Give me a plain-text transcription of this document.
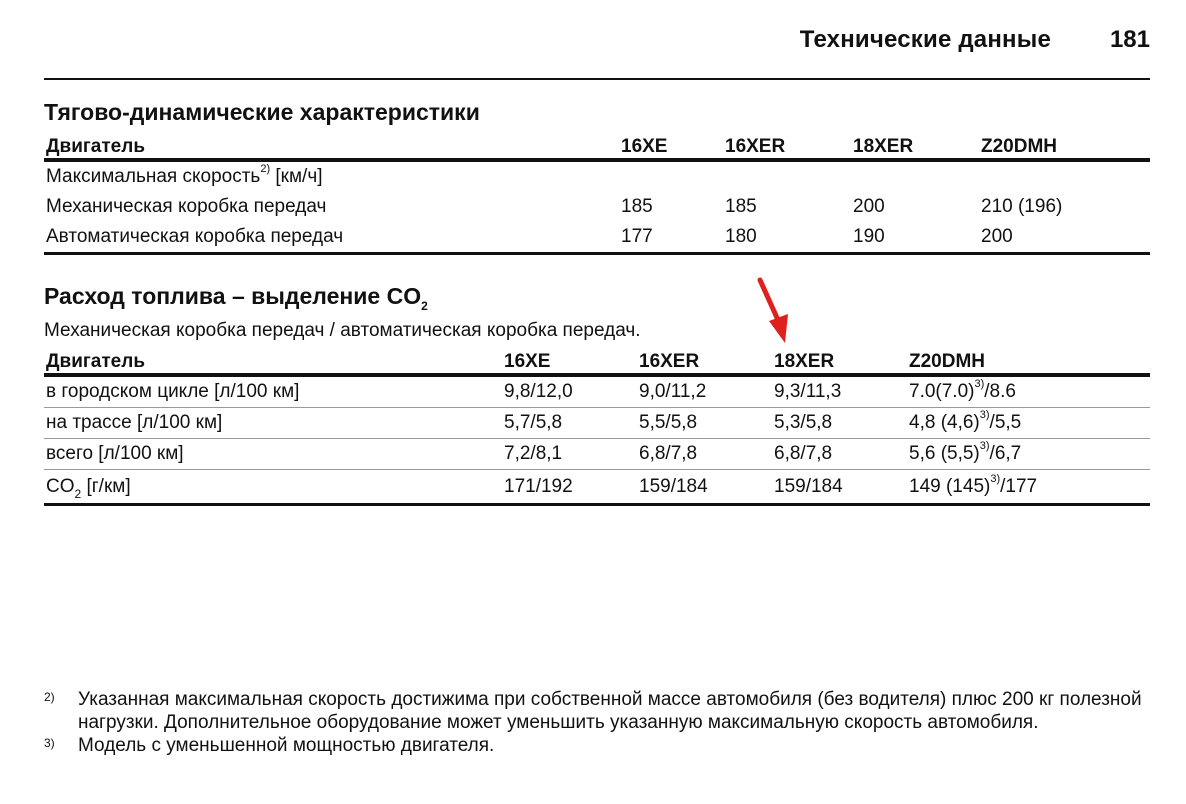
Технические данные 181
Тягово-динамические характеристики
Двигатель	16XE	16XER	18XER	Z20DMH
Максимальная скорость$^{2)}$ [км/ч]				
Механическая коробка передач	185	185	200	210 (196)
Автоматическая коробка передач	177	180	190	200
Расход топлива – выделение $CO_2$

Механическая коробка передач / автоматическая коробка передач.

Двигатель	16XE	16XER	18XER	Z20DMH
в городском цикле [л/100 км]	9,8/12,0	9,0/11,2	9,3/11,3	$7.0(7.0)^{3)}/8.6$
на трассе [л/100 км]	5,7/5,8	5,5/5,8	5,3/5,8	4,8 $(4,6)^{3)}/5,5$
всего [л/100 км]	7,2/8,1	6,8/7,8	6,8/7,8	5,6 $(5,5)^{3)}/6,7$
$CO_2$ [г/км]	171/192	159/184	159/184	149 $(145)^{3)}/177$
2) Указанная максимальная скорость достижима при собственной массе автомобиля (без водителя) плюс 200 кг полезной нагрузки. Дополнительное оборудование может уменьшить указанную максимальную скорость автомобиля.
3) Модель с уменьшенной мощностью двигателя.
